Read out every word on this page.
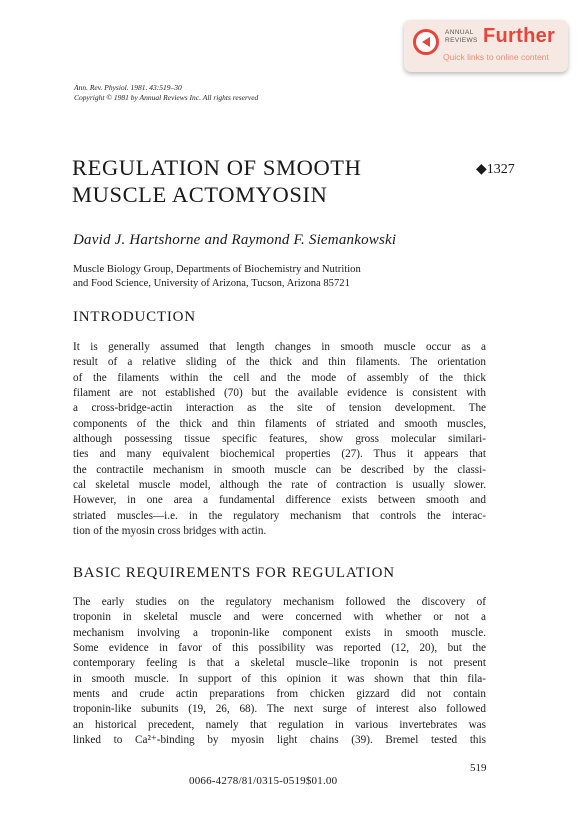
ANNUAL
REVIEWS Further
Quick links to online content
Ann. Rev. Physiol. 1981. 43:519–30
Copyright © 1981 by Annual Reviews Inc. All rights reserved
REGULATION OF SMOOTH
MUSCLE ACTOMYOSIN
◆1327
David J. Hartshorne and Raymond F. Siemankowski
Muscle Biology Group, Departments of Biochemistry and Nutrition
and Food Science, University of Arizona, Tucson, Arizona 85721
INTRODUCTION
It is generally assumed that length changes in smooth muscle occur as a
result of a relative sliding of the thick and thin filaments. The orientation
of the filaments within the cell and the mode of assembly of the thick
filament are not established (70) but the available evidence is consistent with
a cross-bridge-actin interaction as the site of tension development. The
components of the thick and thin filaments of striated and smooth muscles,
although possessing tissue specific features, show gross molecular similari-
ties and many equivalent biochemical properties (27). Thus it appears that
the contractile mechanism in smooth muscle can be described by the classi-
cal skeletal muscle model, although the rate of contraction is usually slower.
However, in one area a fundamental difference exists between smooth and
striated muscles—i.e. in the regulatory mechanism that controls the interac-
tion of the myosin cross bridges with actin.
BASIC REQUIREMENTS FOR REGULATION
The early studies on the regulatory mechanism followed the discovery of
troponin in skeletal muscle and were concerned with whether or not a
mechanism involving a troponin-like component exists in smooth muscle.
Some evidence in favor of this possibility was reported (12, 20), but the
contemporary feeling is that a skeletal muscle–like troponin is not present
in smooth muscle. In support of this opinion it was shown that thin fila-
ments and crude actin preparations from chicken gizzard did not contain
troponin-like subunits (19, 26, 68). The next surge of interest also followed
an historical precedent, namely that regulation in various invertebrates was
linked to Ca²⁺-binding by myosin light chains (39). Bremel tested this
519
0066-4278/81/0315-0519$01.00
